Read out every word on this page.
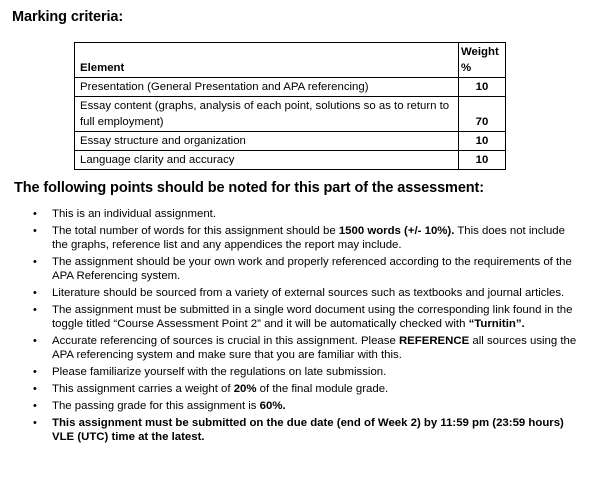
Marking criteria:
Element	Weight %
Presentation (General Presentation and APA referencing)	10
Essay content (graphs, analysis of each point, solutions so as to return to full employment)	70
Essay structure and organization	10
Language clarity and accuracy	10
The following points should be noted for this part of the assessment:
• This is an individual assignment.
• The total number of words for this assignment should be 1500 words (+/- 10%). This does not include the graphs, reference list and any appendices the report may include.
• The assignment should be your own work and properly referenced according to the requirements of the APA Referencing system.
• Literature should be sourced from a variety of external sources such as textbooks and journal articles.
• The assignment must be submitted in a single word document using the corresponding link found in the toggle titled “Course Assessment Point 2” and it will be automatically checked with “Turnitin”.
• Accurate referencing of sources is crucial in this assignment. Please REFERENCE all sources using the APA referencing system and make sure that you are familiar with this.
• Please familiarize yourself with the regulations on late submission.
• This assignment carries a weight of 20% of the final module grade.
• The passing grade for this assignment is 60%.
• This assignment must be submitted on the due date (end of Week 2) by 11:59 pm (23:59 hours) VLE (UTC) time at the latest.
